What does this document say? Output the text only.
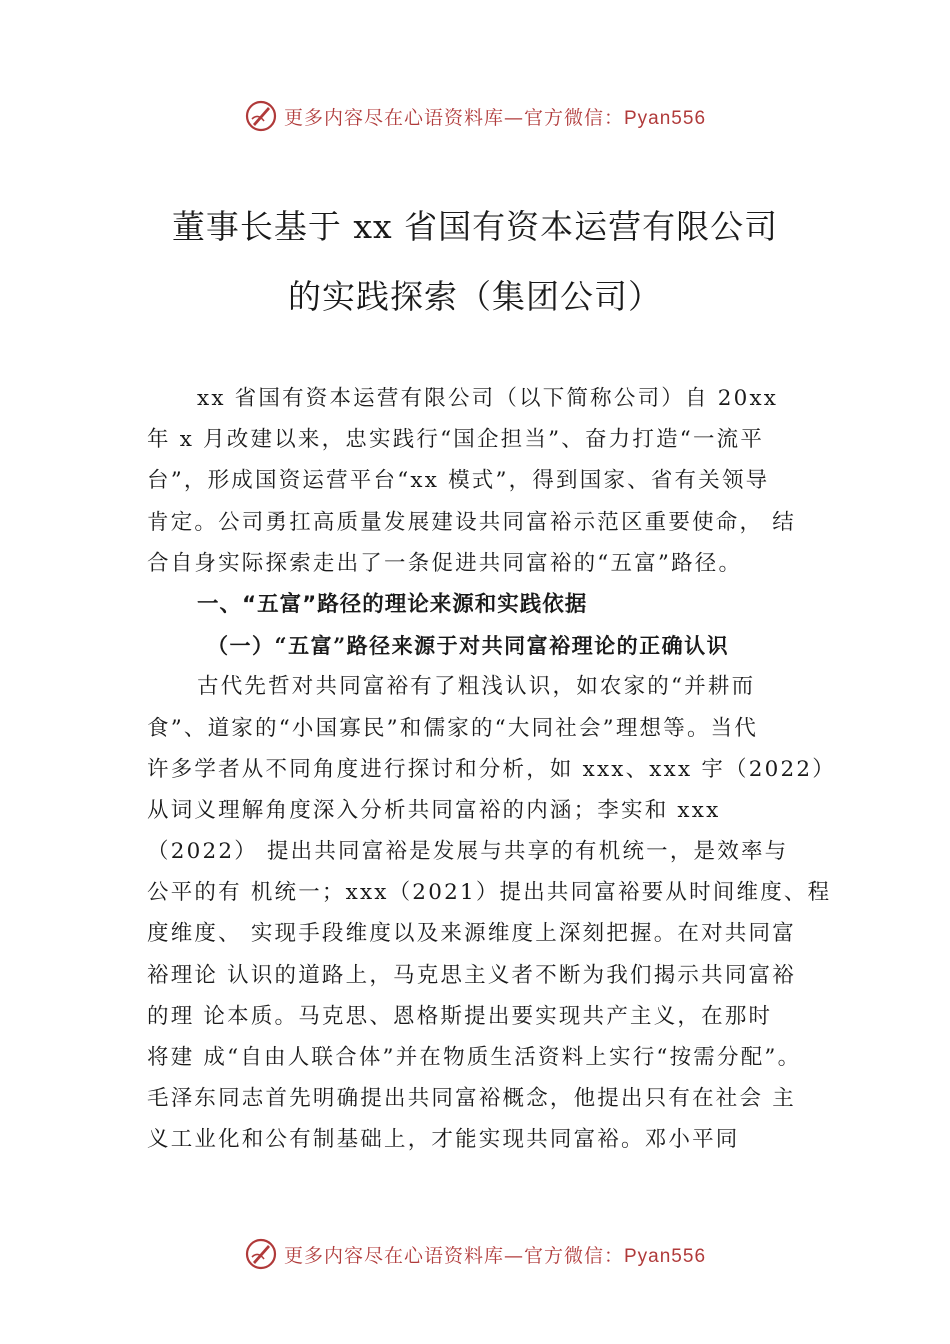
更多内容尽在心语资料库—官方微信：Pyan556
董事长基于 xx 省国有资本运营有限公司
的实践探索（集团公司）
xx 省国有资本运营有限公司（以下简称公司）自 20xx
年 x 月改建以来，忠实践行“国企担当”、奋力打造“一流平
台”，形成国资运营平台“xx 模式”，得到国家、省有关领导
肯定。公司勇扛高质量发展建设共同富裕示范区重要使命， 结
合自身实际探索走出了一条促进共同富裕的“五富”路径。
一、“五富”路径的理论来源和实践依据
（一）“五富”路径来源于对共同富裕理论的正确认识
古代先哲对共同富裕有了粗浅认识，如农家的“并耕而
食”、道家的“小国寡民”和儒家的“大同社会”理想等。当代
许多学者从不同角度进行探讨和分析，如 xxx、xxx 宇（2022）
从词义理解角度深入分析共同富裕的内涵；李实和 xxx
（2022） 提出共同富裕是发展与共享的有机统一，是效率与
公平的有 机统一；xxx（2021）提出共同富裕要从时间维度、程
度维度、 实现手段维度以及来源维度上深刻把握。在对共同富
裕理论 认识的道路上，马克思主义者不断为我们揭示共同富裕
的理 论本质。马克思、恩格斯提出要实现共产主义，在那时
将建 成“自由人联合体”并在物质生活资料上实行“按需分配”。
毛泽东同志首先明确提出共同富裕概念，他提出只有在社会 主
义工业化和公有制基础上，才能实现共同富裕。邓小平同
更多内容尽在心语资料库—官方微信：Pyan556
